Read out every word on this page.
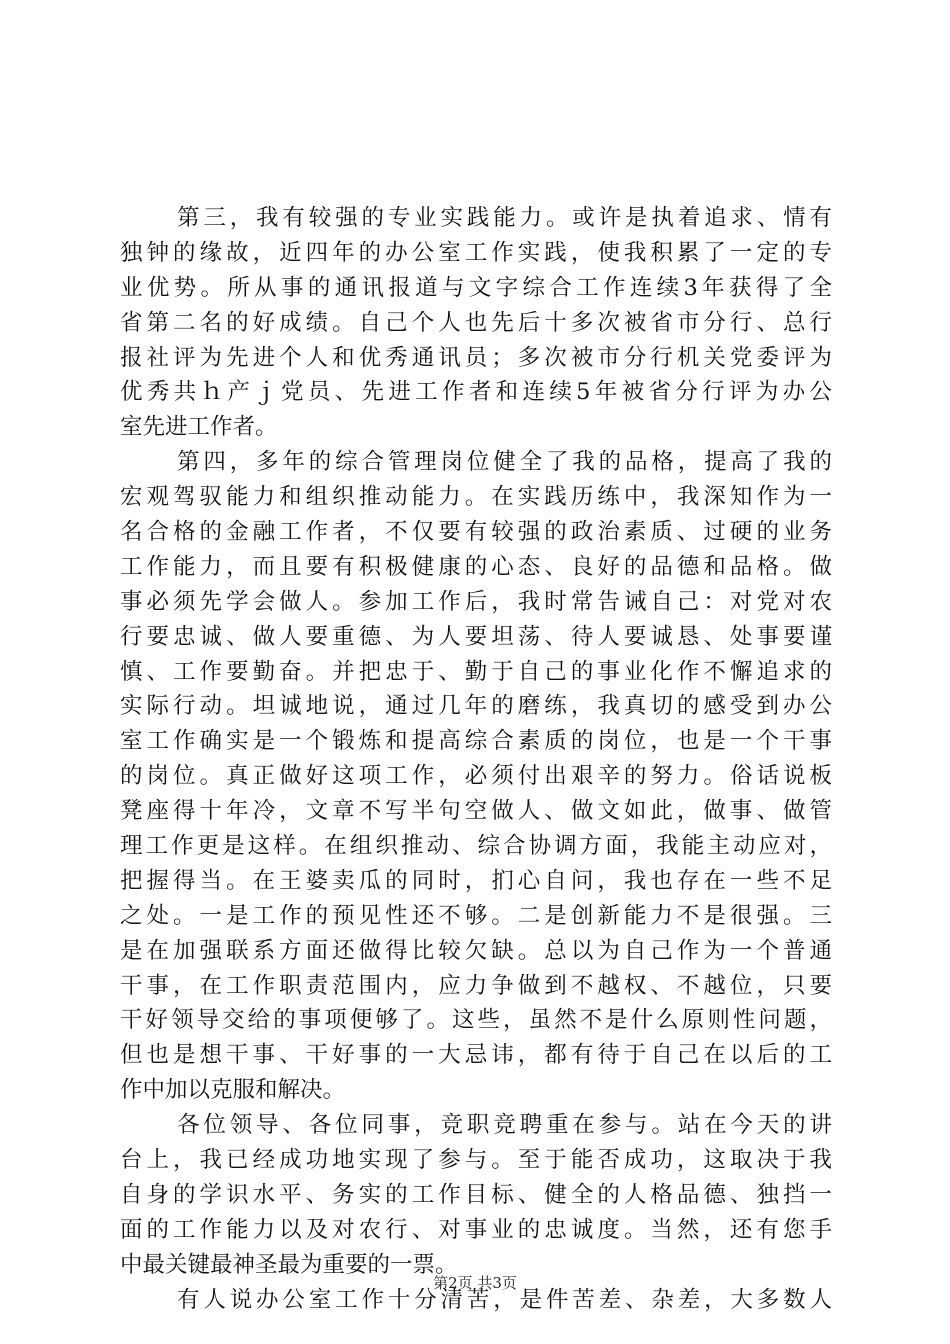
第三，我有较强的专业实践能力。或许是执着追求、情有
独钟的缘故，近四年的办公室工作实践，使我积累了一定的专
业优势。所从事的通讯报道与文字综合工作连续3年获得了全
省第二名的好成绩。自己个人也先后十多次被省市分行、总行
报社评为先进个人和优秀通讯员；多次被市分行机关党委评为
优秀共ｈ产ｊ党员、先进工作者和连续5年被省分行评为办公
室先进工作者。
第四，多年的综合管理岗位健全了我的品格，提高了我的
宏观驾驭能力和组织推动能力。在实践历练中，我深知作为一
名合格的金融工作者，不仅要有较强的政治素质、过硬的业务
工作能力，而且要有积极健康的心态、良好的品德和品格。做
事必须先学会做人。参加工作后，我时常告诫自己：对党对农
行要忠诚、做人要重德、为人要坦荡、待人要诚恳、处事要谨
慎、工作要勤奋。并把忠于、勤于自己的事业化作不懈追求的
实际行动。坦诚地说，通过几年的磨练，我真切的感受到办公
室工作确实是一个锻炼和提高综合素质的岗位，也是一个干事
的岗位。真正做好这项工作，必须付出艰辛的努力。俗话说板
凳座得十年冷，文章不写半句空做人、做文如此，做事、做管
理工作更是这样。在组织推动、综合协调方面，我能主动应对，
把握得当。在王婆卖瓜的同时，扪心自问，我也存在一些不足
之处。一是工作的预见性还不够。二是创新能力不是很强。三
是在加强联系方面还做得比较欠缺。总以为自己作为一个普通
干事，在工作职责范围内，应力争做到不越权、不越位，只要
干好领导交给的事项便够了。这些，虽然不是什么原则性问题，
但也是想干事、干好事的一大忌讳，都有待于自己在以后的工
作中加以克服和解决。
各位领导、各位同事，竞职竞聘重在参与。站在今天的讲
台上，我已经成功地实现了参与。至于能否成功，这取决于我
自身的学识水平、务实的工作目标、健全的人格品德、独挡一
面的工作能力以及对农行、对事业的忠诚度。当然，还有您手
中最关键最神圣最为重要的一票。
有人说办公室工作十分清苦，是件苦差、杂差，大多数人
第2页 共3页
